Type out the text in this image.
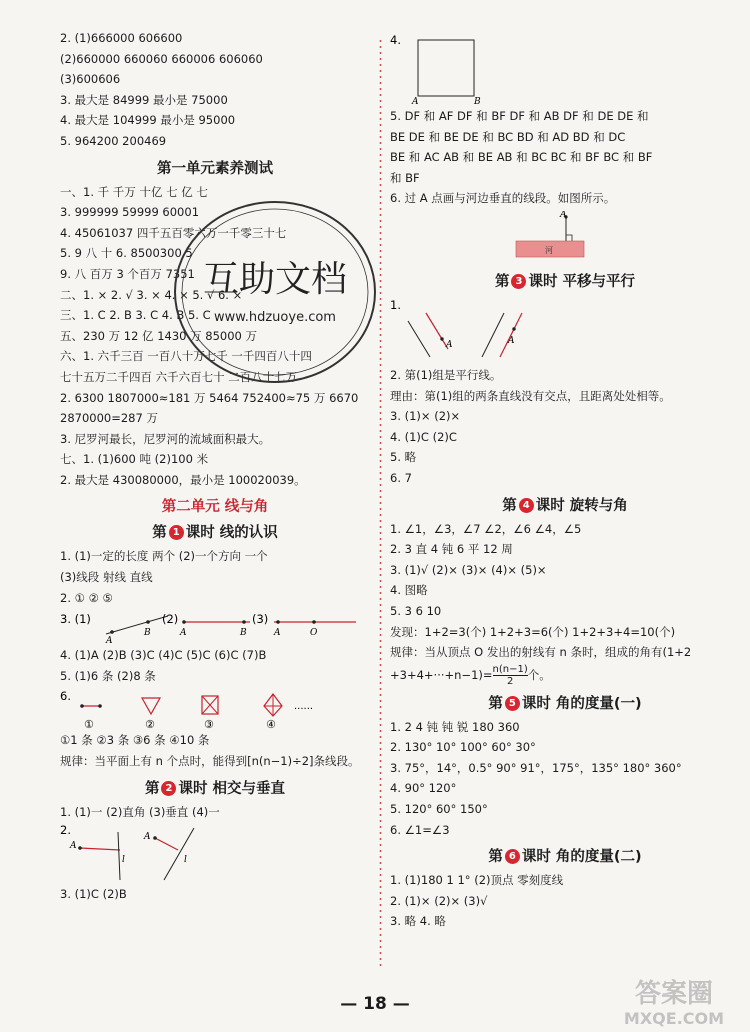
2. (1)666000 606600
(2)660000 660060 660006 606060
(3)600606
3. 最大是 84999 最小是 75000
4. 最大是 104999 最小是 95000
5. 964200 200469
第一单元素养测试
一、1. 千 千万 十亿 七 亿 七
3. 999999 59999 60001
4. 45061037 四千五百零六万一千零三十七
5. 9 八 十 6. 8500300 5
9. 八 百万 3 个百万 7351
二、1. × 2. √ 3. × 4. × 5. √ 6. ×
三、1. C 2. B 3. C 4. B 5. C
五、230 万 12 亿 1430 万 85000 万
六、1. 六千三百 一百八十万七千 一千四百八十四
七十五万二千四百 六千六百七十 二百八十七万
2. 6300 1807000≈181 万 5464 752400≈75 万 6670
2870000=287 万
3. 尼罗河最长，尼罗河的流域面积最大。
七、1. (1)600 吨 (2)100 米
2. 最大是 430080000，最小是 100020039。
第二单元 线与角
第 1 课时 线的认识
1. (1)一定的长度 两个 (2)一个方向 一个
(3)线段 射线 直线
2. ① ② ⑤
3. (1)
A
B
(2)
A	B
(3)
A	O
4. (1)A (2)B (3)C (4)C (5)C (6)C (7)B
5. (1)6 条 (2)8 条
6.
......
①	②	③	④
①1 条 ②3 条 ③6 条 ④10 条
规律：当平面上有 n 个点时，能得到[n(n−1)÷2]条线段。
第 2 课时 相交与垂直
1. (1)一 (2)直角 (3)垂直 (4)一
2.
A
l
A
l
3. (1)C (2)B
4.
A	B
5. DF 和 AF DF 和 BF DF 和 AB DF 和 DE DE 和
BE DE 和 BE DE 和 BC BD 和 AD BD 和 DC
BE 和 AC AB 和 BE AB 和 BC BC 和 BF BC 和 BF
和 BF
6. 过 A 点画与河边垂直的线段。如图所示。
A
河
第 3 课时 平移与平行
1.
A	A
2. 第(1)组是平行线。
理由：第(1)组的两条直线没有交点，且距离处处相等。
3. (1)× (2)×
4. (1)C (2)C
5. 略
6. 7
第 4 课时 旋转与角
1. ∠1，∠3，∠7 ∠2，∠6 ∠4，∠5
2. 3 直 4 钝 6 平 12 周
3. (1)√ (2)× (3)× (4)× (5)×
4. 图略
5. 3 6 10
发现：1+2=3(个) 1+2+3=6(个) 1+2+3+4=10(个)
规律：当从顶点 O 发出的射线有 n 条时，组成的角有(1+2
$+3+4+\cdot\cdot\cdot+n-1)= \frac{n(n-1)}{2}$ 个。
第 5 课时 角的度量(一)
1. 2 4 钝 钝 锐 180 360
2. 130° 10° 100° 60° 30°
3. 75°，14°，0.5° 90° 91°，175°，135° 180° 360°
4. 90° 120°
5. 120° 60° 150°
6. ∠1=∠3
第 6 课时 角的度量(二)
1. (1)180 1 1° (2)顶点 零刻度线
2. (1)× (2)× (3)√
3. 略 4. 略
互助文档
www.hdzuoye.com
答案圈
MXQE.COM
— 18 —
